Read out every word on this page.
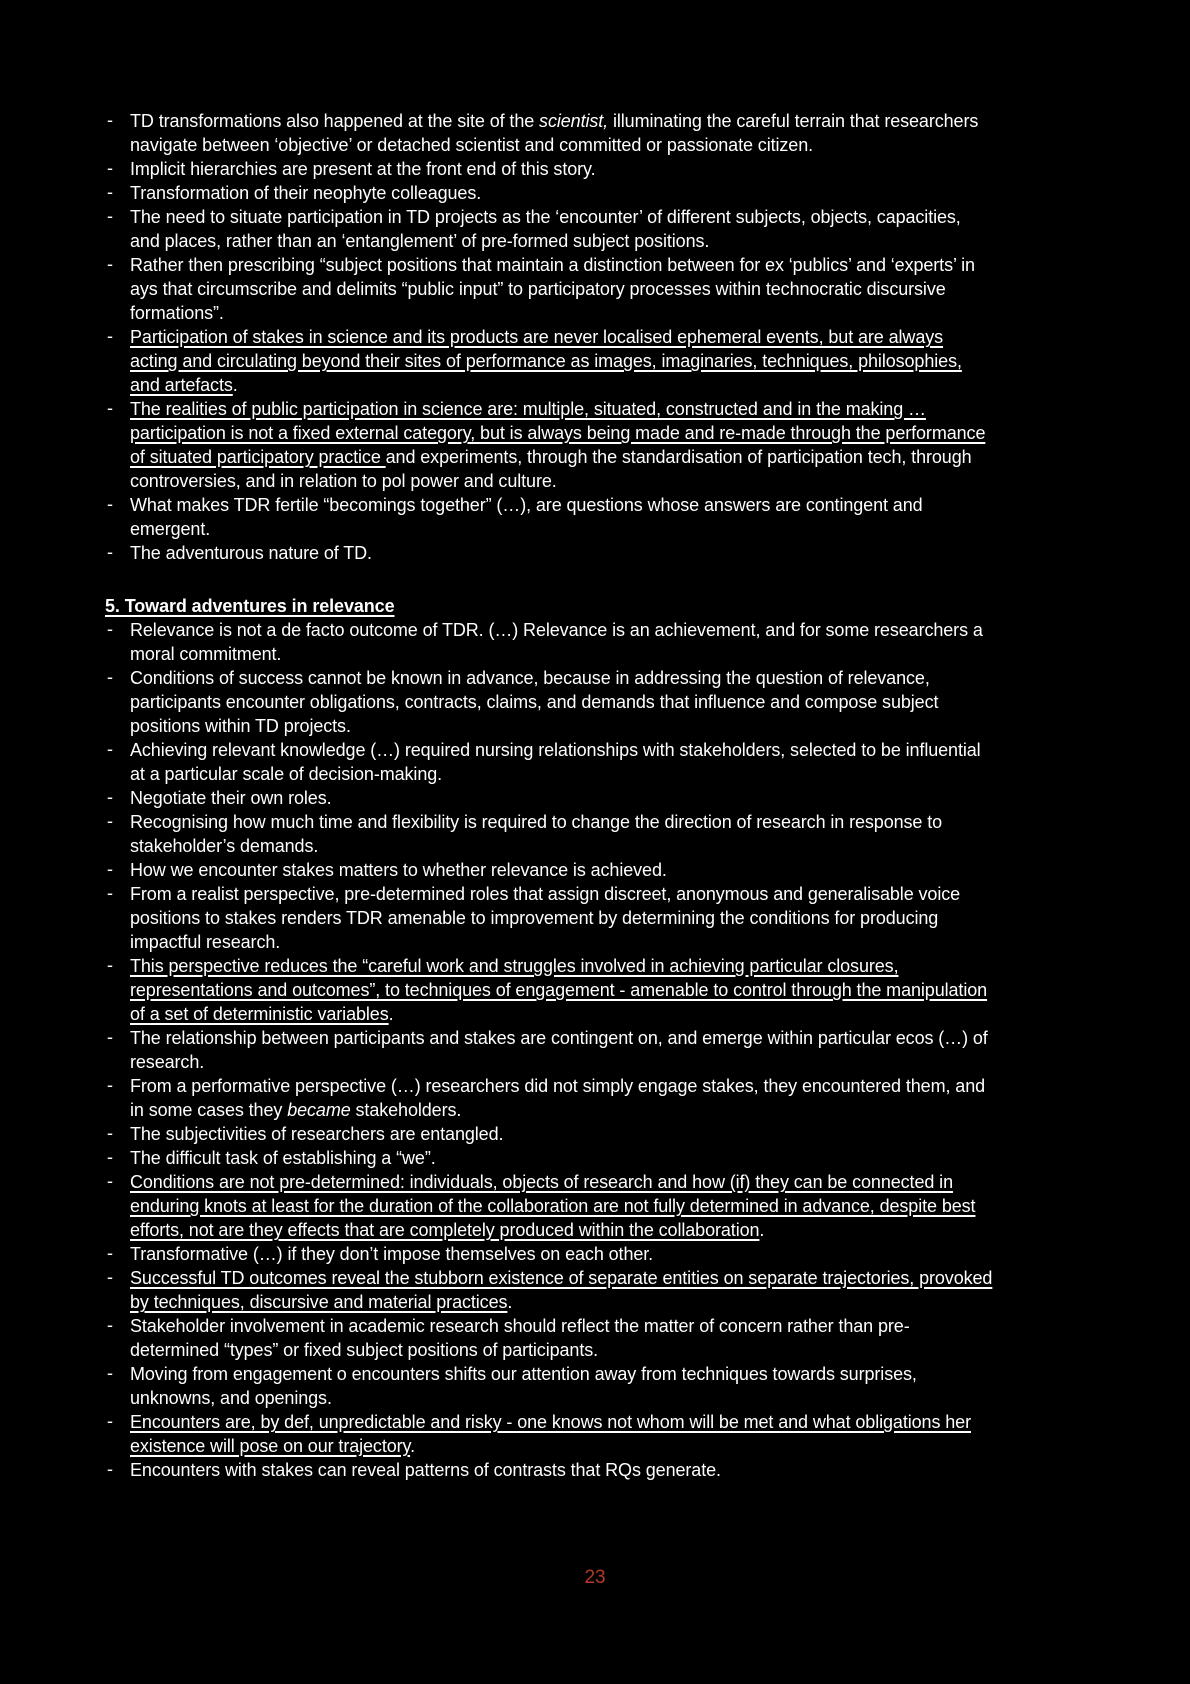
- TD transformations also happened at the site of the scientist, illuminating the careful terrain that researchers navigate between ‘objective’ or detached scientist and committed or passionate citizen.
- Implicit hierarchies are present at the front end of this story.
- Transformation of their neophyte colleagues.
- The need to situate participation in TD projects as the ‘encounter’ of different subjects, objects, capacities, and places, rather than an ‘entanglement’ of pre-formed subject positions.
- Rather then prescribing “subject positions that maintain a distinction between for ex ‘publics’ and ‘experts’ in ays that circumscribe and delimits “public input” to participatory processes within technocratic discursive formations”.
- Participation of stakes in science and its products are never localised ephemeral events, but are always acting and circulating beyond their sites of performance as images, imaginaries, techniques, philosophies, and artefacts.
- The realities of public participation in science are: multiple, situated, constructed and in the making … participation is not a fixed external category, but is always being made and re-made through the performance of situated participatory practice and experiments, through the standardisation of participation tech, through controversies, and in relation to pol power and culture.
- What makes TDR fertile “becomings together” (…), are questions whose answers are contingent and emergent.
- The adventurous nature of TD.
5. Toward adventures in relevance
- Relevance is not a de facto outcome of TDR. (…) Relevance is an achievement, and for some researchers a moral commitment.
- Conditions of success cannot be known in advance, because in addressing the question of relevance, participants encounter obligations, contracts, claims, and demands that influence and compose subject positions within TD projects.
- Achieving relevant knowledge (…) required nursing relationships with stakeholders, selected to be influential at a particular scale of decision-making.
- Negotiate their own roles.
- Recognising how much time and flexibility is required to change the direction of research in response to stakeholder’s demands.
- How we encounter stakes matters to whether relevance is achieved.
- From a realist perspective, pre-determined roles that assign discreet, anonymous and generalisable voice positions to stakes renders TDR amenable to improvement by determining the conditions for producing impactful research.
- This perspective reduces the “careful work and struggles involved in achieving particular closures, representations and outcomes”, to techniques of engagement - amenable to control through the manipulation of a set of deterministic variables.
- The relationship between participants and stakes are contingent on, and emerge within particular ecos (…) of research.
- From a performative perspective (…) researchers did not simply engage stakes, they encountered them, and in some cases they became stakeholders.
- The subjectivities of researchers are entangled.
- The difficult task of establishing a “we”.
- Conditions are not pre-determined: individuals, objects of research and how (if) they can be connected in enduring knots at least for the duration of the collaboration are not fully determined in advance, despite best efforts, not are they effects that are completely produced within the collaboration.
- Transformative (…) if they don’t impose themselves on each other.
- Successful TD outcomes reveal the stubborn existence of separate entities on separate trajectories, provoked by techniques, discursive and material practices.
- Stakeholder involvement in academic research should reflect the matter of concern rather than pre-determined “types” or fixed subject positions of participants.
- Moving from engagement o encounters shifts our attention away from techniques towards surprises, unknowns, and openings.
- Encounters are, by def, unpredictable and risky - one knows not whom will be met and what obligations her existence will pose on our trajectory.
- Encounters with stakes can reveal patterns of contrasts that RQs generate.
23
